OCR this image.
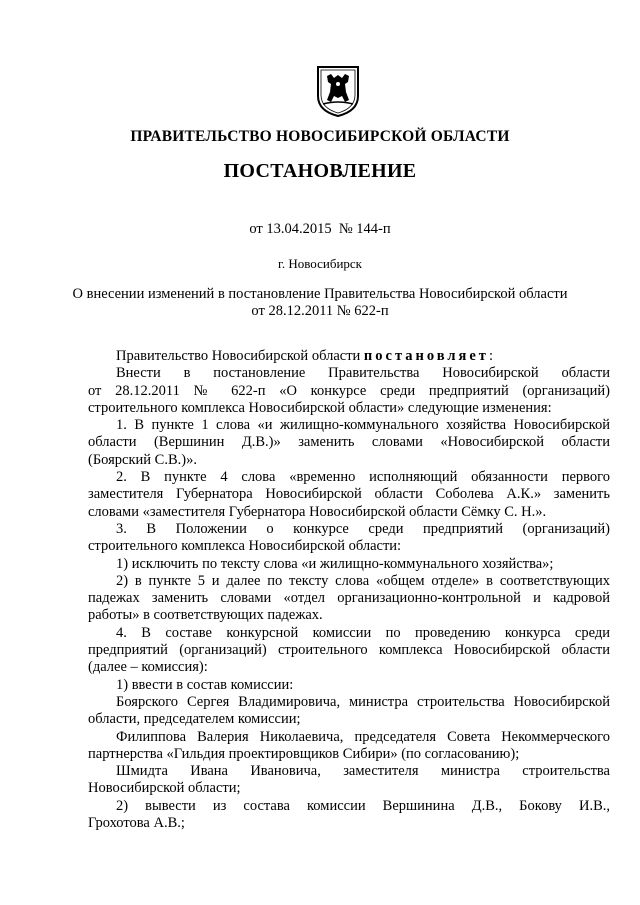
ПРАВИТЕЛЬСТВО НОВОСИБИРСКОЙ ОБЛАСТИ
ПОСТАНОВЛЕНИЕ
от 13.04.2015  № 144-п
г. Новосибирск
О внесении изменений в постановление Правительства Новосибирской области
от 28.12.2011 № 622-п

Правительство Новосибирской области постановляет:

Внести в постановление Правительства Новосибирской области

от 28.12.2011 № 622-п «О конкурсе среди предприятий (организаций)

строительного комплекса Новосибирской области» следующие изменения:

1. В пункте 1 слова «и жилищно-коммунального хозяйства Новосибирской

области (Вершинин Д.В.)» заменить словами «Новосибирской области

(Боярский С.В.)».

2. В пункте 4 слова «временно исполняющий обязанности первого

заместителя Губернатора Новосибирской области Соболева А.К.» заменить

словами «заместителя Губернатора Новосибирской области Сёмку С. Н.».

3. В Положении о конкурсе среди предприятий (организаций)

строительного комплекса Новосибирской области:

1) исключить по тексту слова «и жилищно-коммунального хозяйства»;

2) в пункте 5 и далее по тексту слова «общем отделе» в соответствующих

падежах заменить словами «отдел организационно-контрольной и кадровой

работы» в соответствующих падежах.

4. В составе конкурсной комиссии по проведению конкурса среди

предприятий (организаций) строительного комплекса Новосибирской области

(далее – комиссия):

1) ввести в состав комиссии:

Боярского Сергея Владимировича, министра строительства Новосибирской

области, председателем комиссии;

Филиппова Валерия Николаевича, председателя Совета Некоммерческого

партнерства «Гильдия проектировщиков Сибири» (по согласованию);

Шмидта Ивана Ивановича, заместителя министра строительства

Новосибирской области;

2) вывести из состава комиссии Вершинина Д.В., Бокову И.В.,

Грохотова А.В.;
